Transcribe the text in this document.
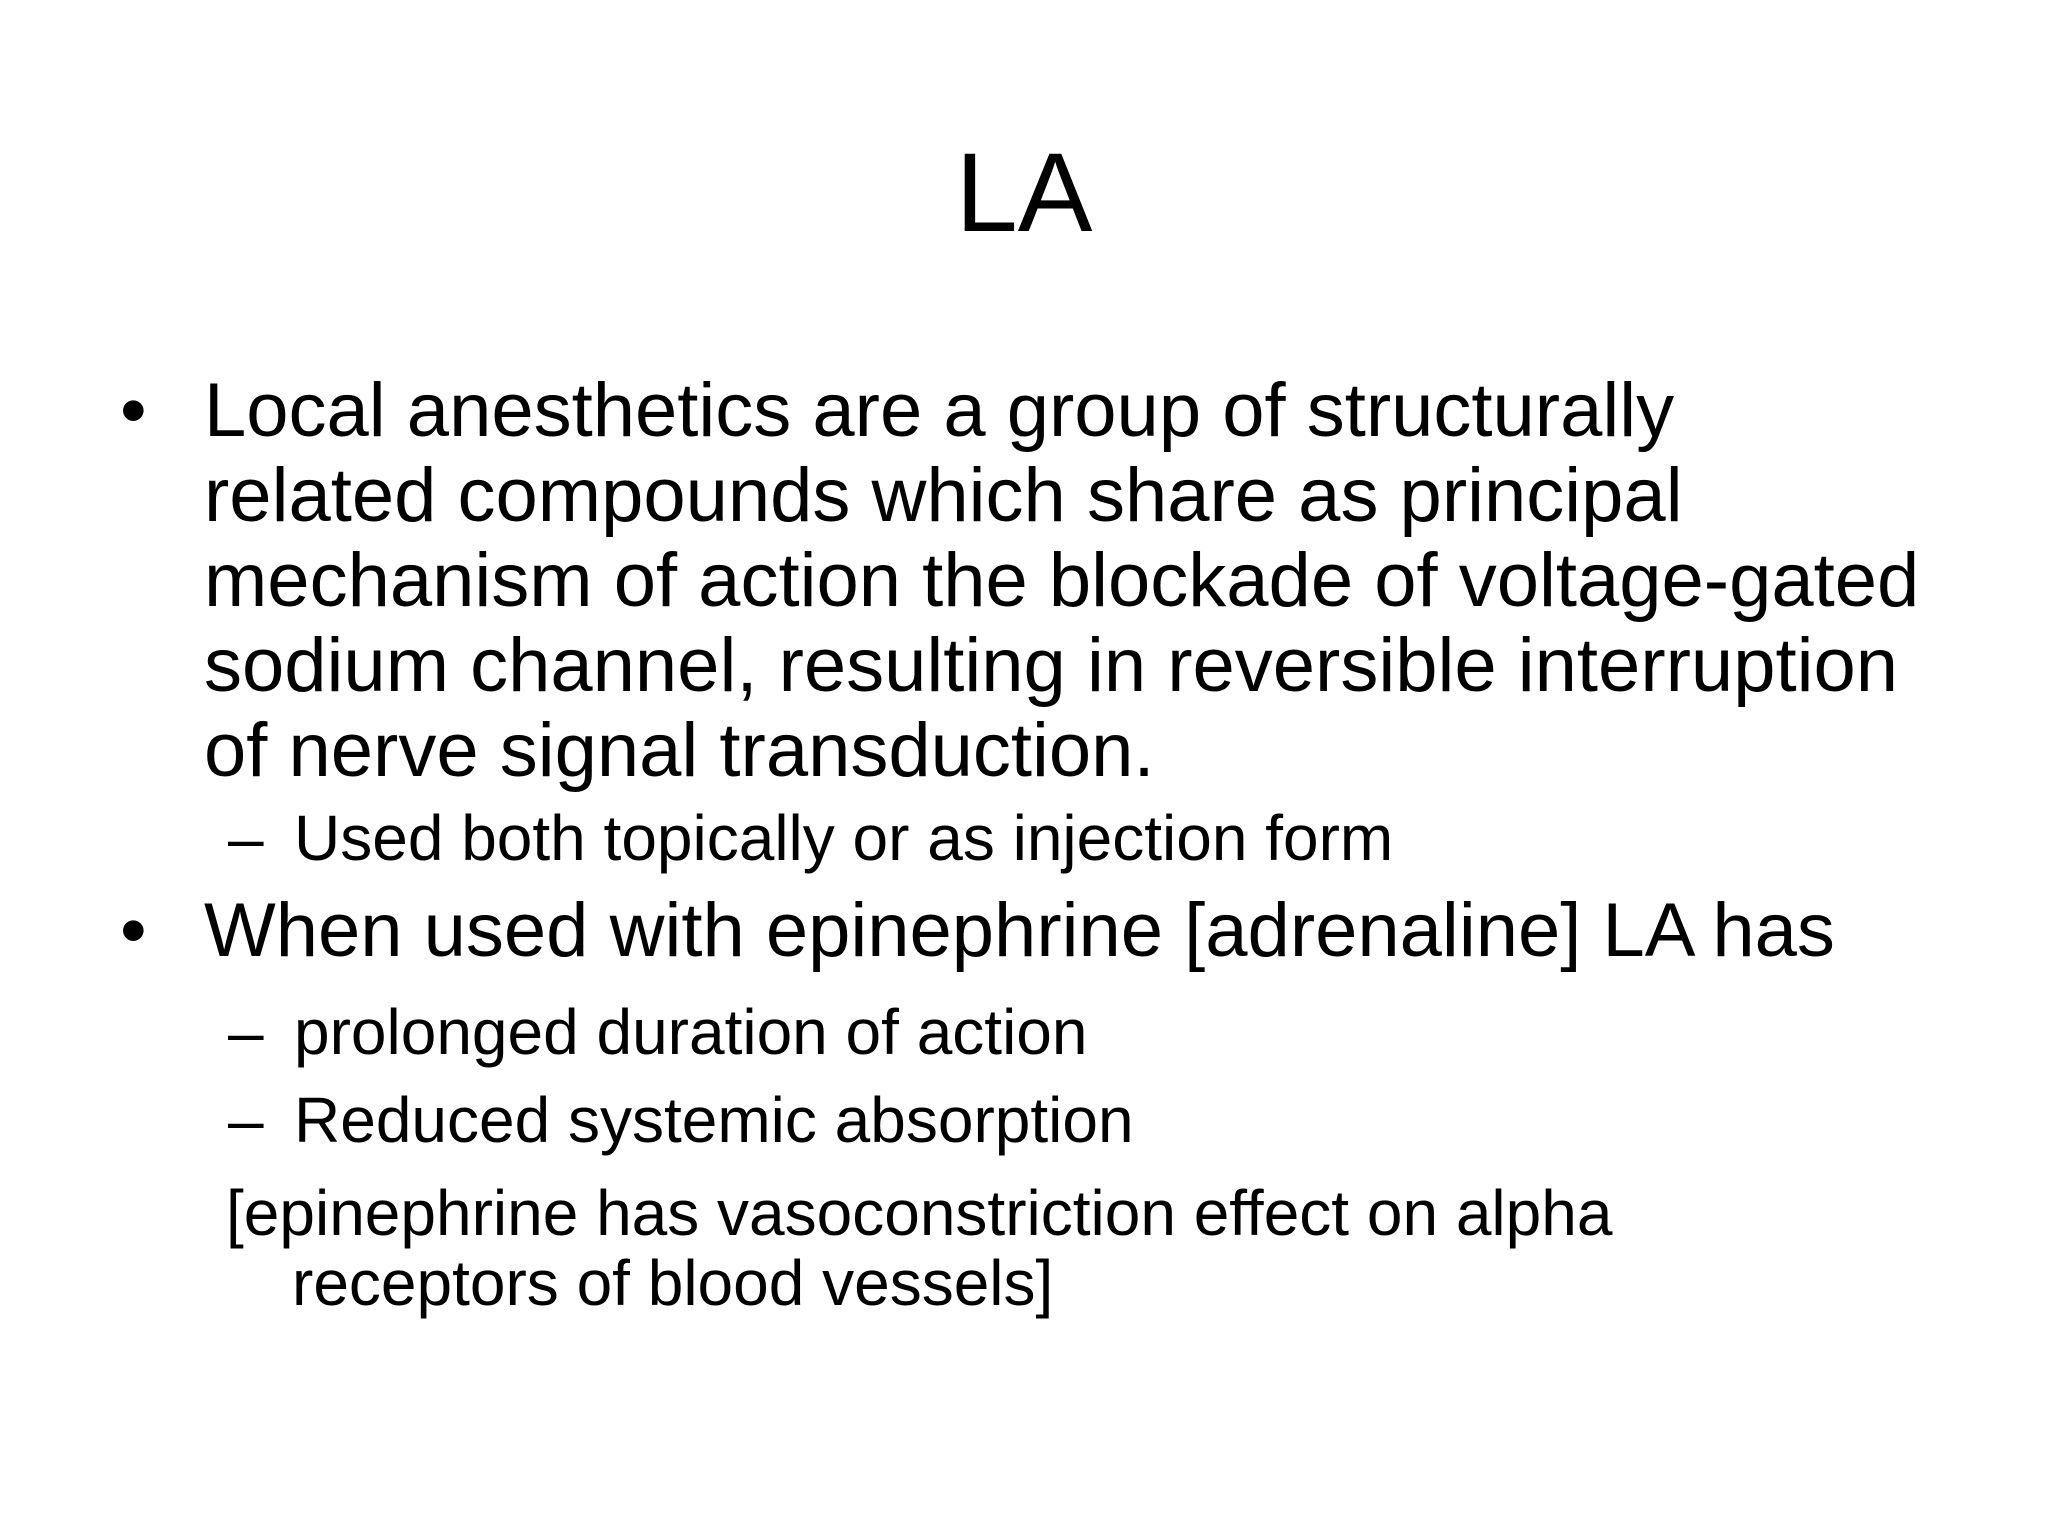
LA
• Local anesthetics are a group of structurally related compounds which share as principal mechanism of action the blockade of voltage-gated sodium channel, resulting in reversible interruption of nerve signal transduction.
– Used both topically or as injection form
• When used with epinephrine [adrenaline] LA has
– prolonged duration of action
– Reduced systemic absorption
[epinephrine has vasoconstriction effect on alpha receptors of blood vessels]
